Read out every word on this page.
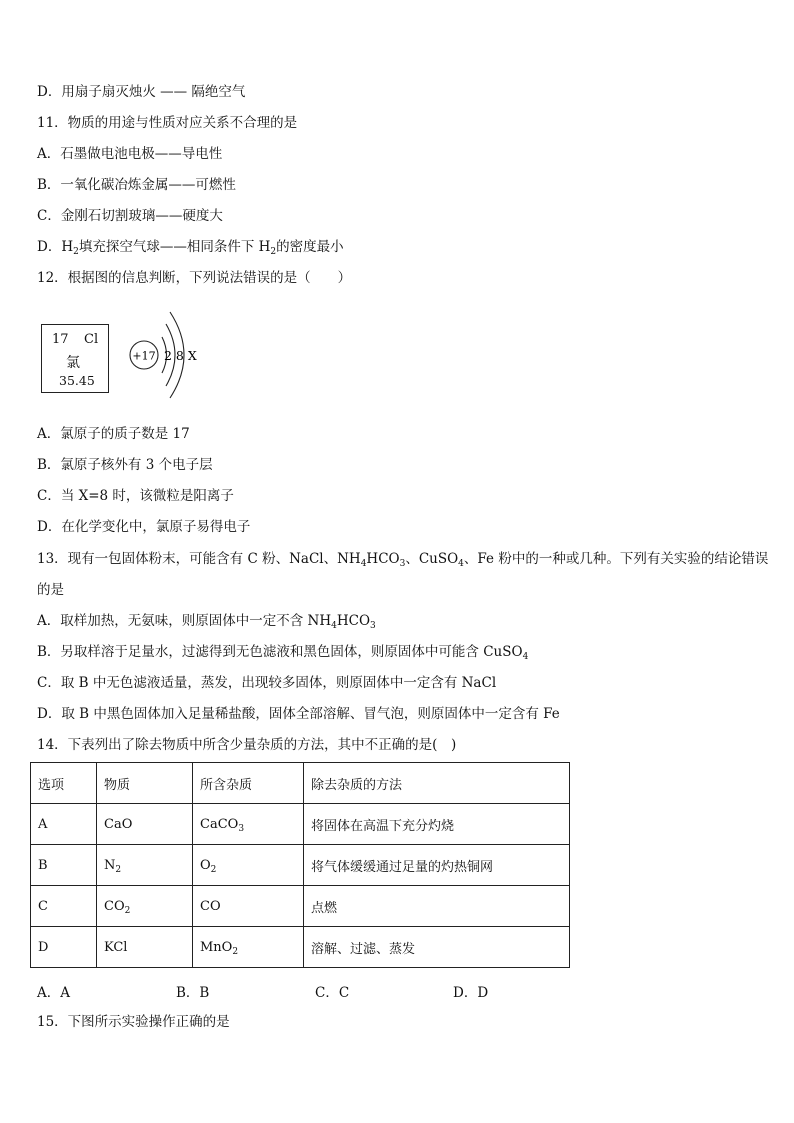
D．用扇子扇灭烛火 —— 隔绝空气
11．物质的用途与性质对应关系不合理的是
A．石墨做电池电极——导电性
B．一氧化碳冶炼金属——可燃性
C．金刚石切割玻璃——硬度大
D．$H_2$填充探空气球——相同条件下 $H_2$的密度最小
12．根据图的信息判断，下列说法错误的是（　　）
17 Cl
氯
35.45
+17 2 8 X
A．氯原子的质子数是 17
B．氯原子核外有 3 个电子层
C．当 X=8 时，该微粒是阳离子
D．在化学变化中，氯原子易得电子
13．现有一包固体粉末，可能含有 C 粉、NaCl、$NH_4HCO_3$、CuSO$_4$、Fe 粉中的一种或几种。下列有关实验的结论错误
的是
A．取样加热，无氨味，则原固体中一定不含 $NH_4HCO_3$
B．另取样溶于足量水，过滤得到无色滤液和黑色固体，则原固体中可能含 CuSO$_4$
C．取 B 中无色滤液适量，蒸发，出现较多固体，则原固体中一定含有 NaCl
D．取 B 中黑色固体加入足量稀盐酸，固体全部溶解、冒气泡，则原固体中一定含有 Fe
14．下表列出了除去物质中所含少量杂质的方法，其中不正确的是(　)
选项	物质	所含杂质	除去杂质的方法
A	CaO	CaCO$_3$	将固体在高温下充分灼烧
B	$N_2$	$O_2$	将气体缓缓通过足量的灼热铜网
C	$CO_2$	CO	点燃
D	KCl	MnO$_2$	溶解、过滤、蒸发
A．A	B．B	C．C	D．D
15．下图所示实验操作正确的是
